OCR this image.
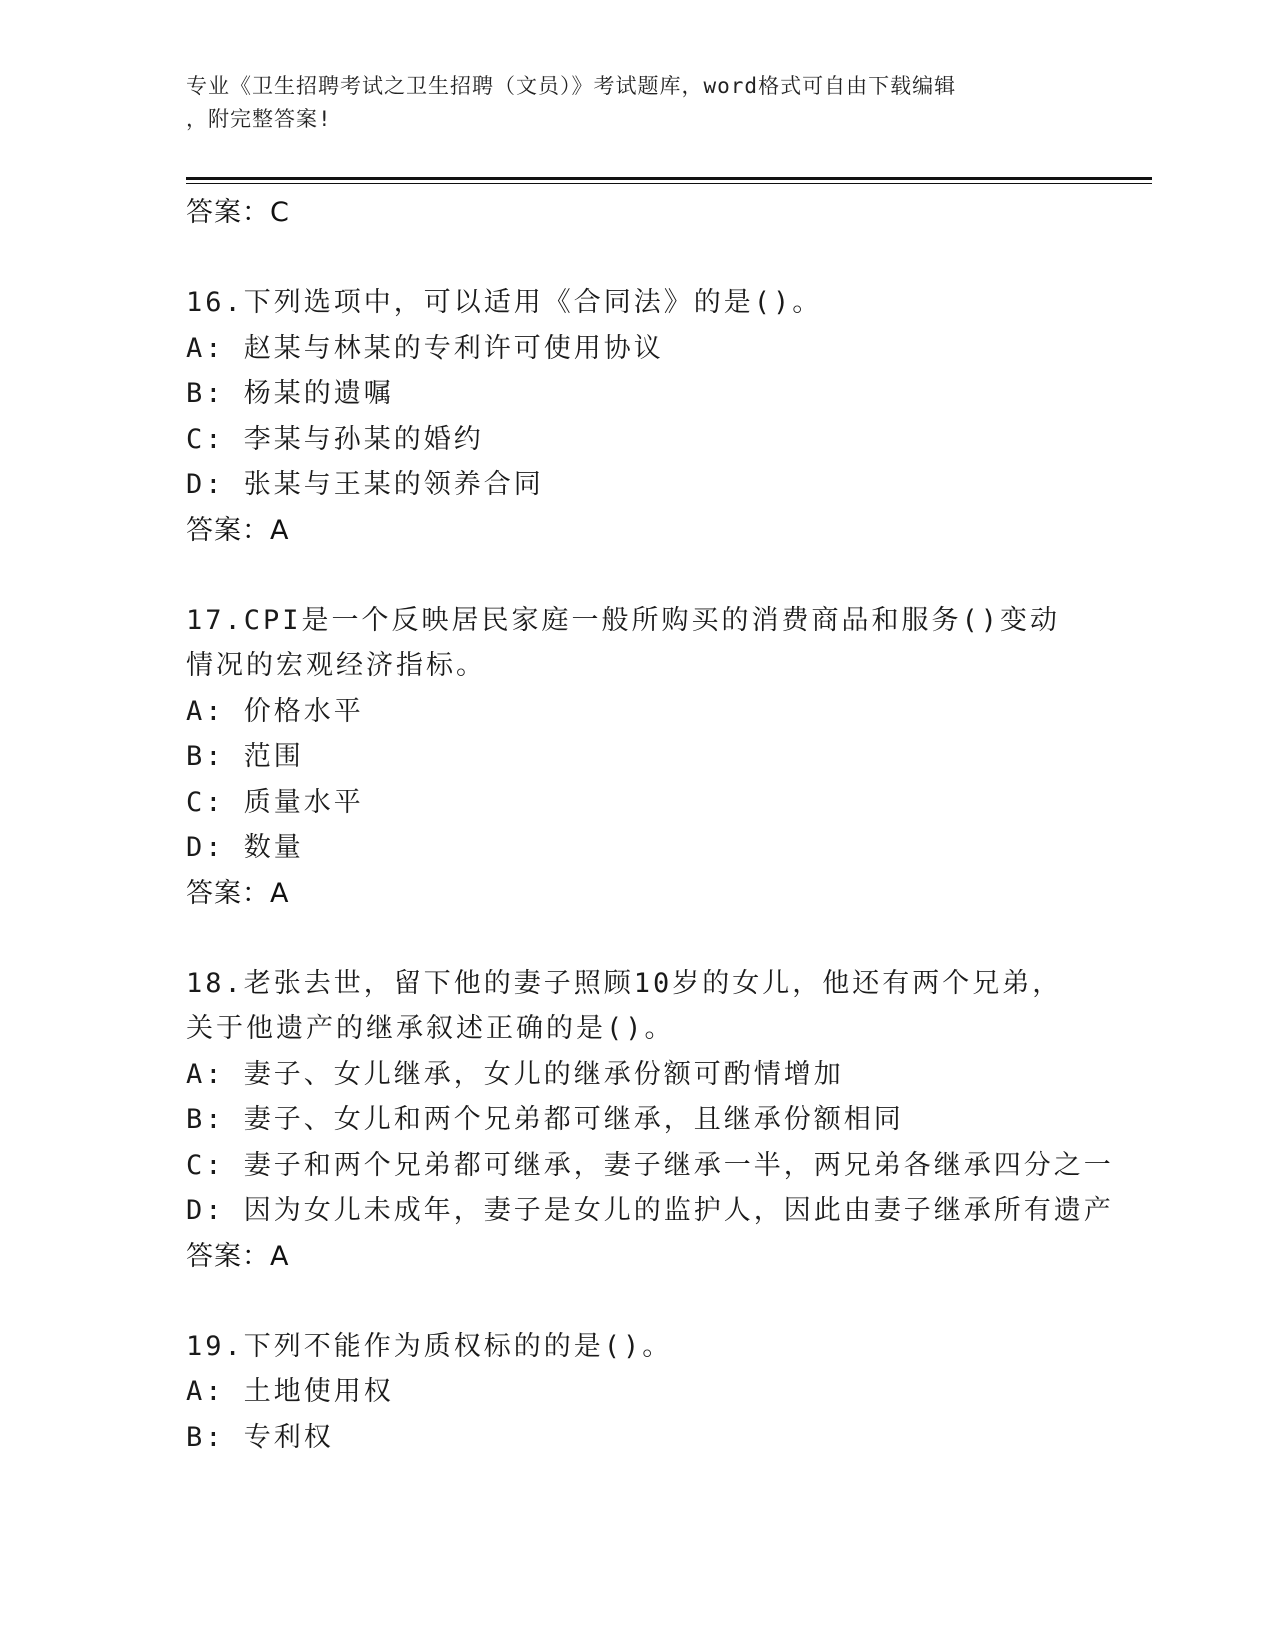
专业《卫生招聘考试之卫生招聘（文员）》考试题库，word格式可自由下载编辑
，附完整答案!
答案：C
16.下列选项中，可以适用《合同法》的是()。
A: 赵某与林某的专利许可使用协议
B: 杨某的遗嘱
C: 李某与孙某的婚约
D: 张某与王某的领养合同
答案：A
17.CPI是一个反映居民家庭一般所购买的消费商品和服务()变动情况的宏观经济指标。
A: 价格水平
B: 范围
C: 质量水平
D: 数量
答案：A
18.老张去世，留下他的妻子照顾10岁的女儿，他还有两个兄弟，关于他遗产的继承叙述正确的是()。
A: 妻子、女儿继承，女儿的继承份额可酌情增加
B: 妻子、女儿和两个兄弟都可继承，且继承份额相同
C: 妻子和两个兄弟都可继承，妻子继承一半，两兄弟各继承四分之一
D: 因为女儿未成年，妻子是女儿的监护人，因此由妻子继承所有遗产
答案：A
19.下列不能作为质权标的的是()。
A: 土地使用权
B: 专利权
